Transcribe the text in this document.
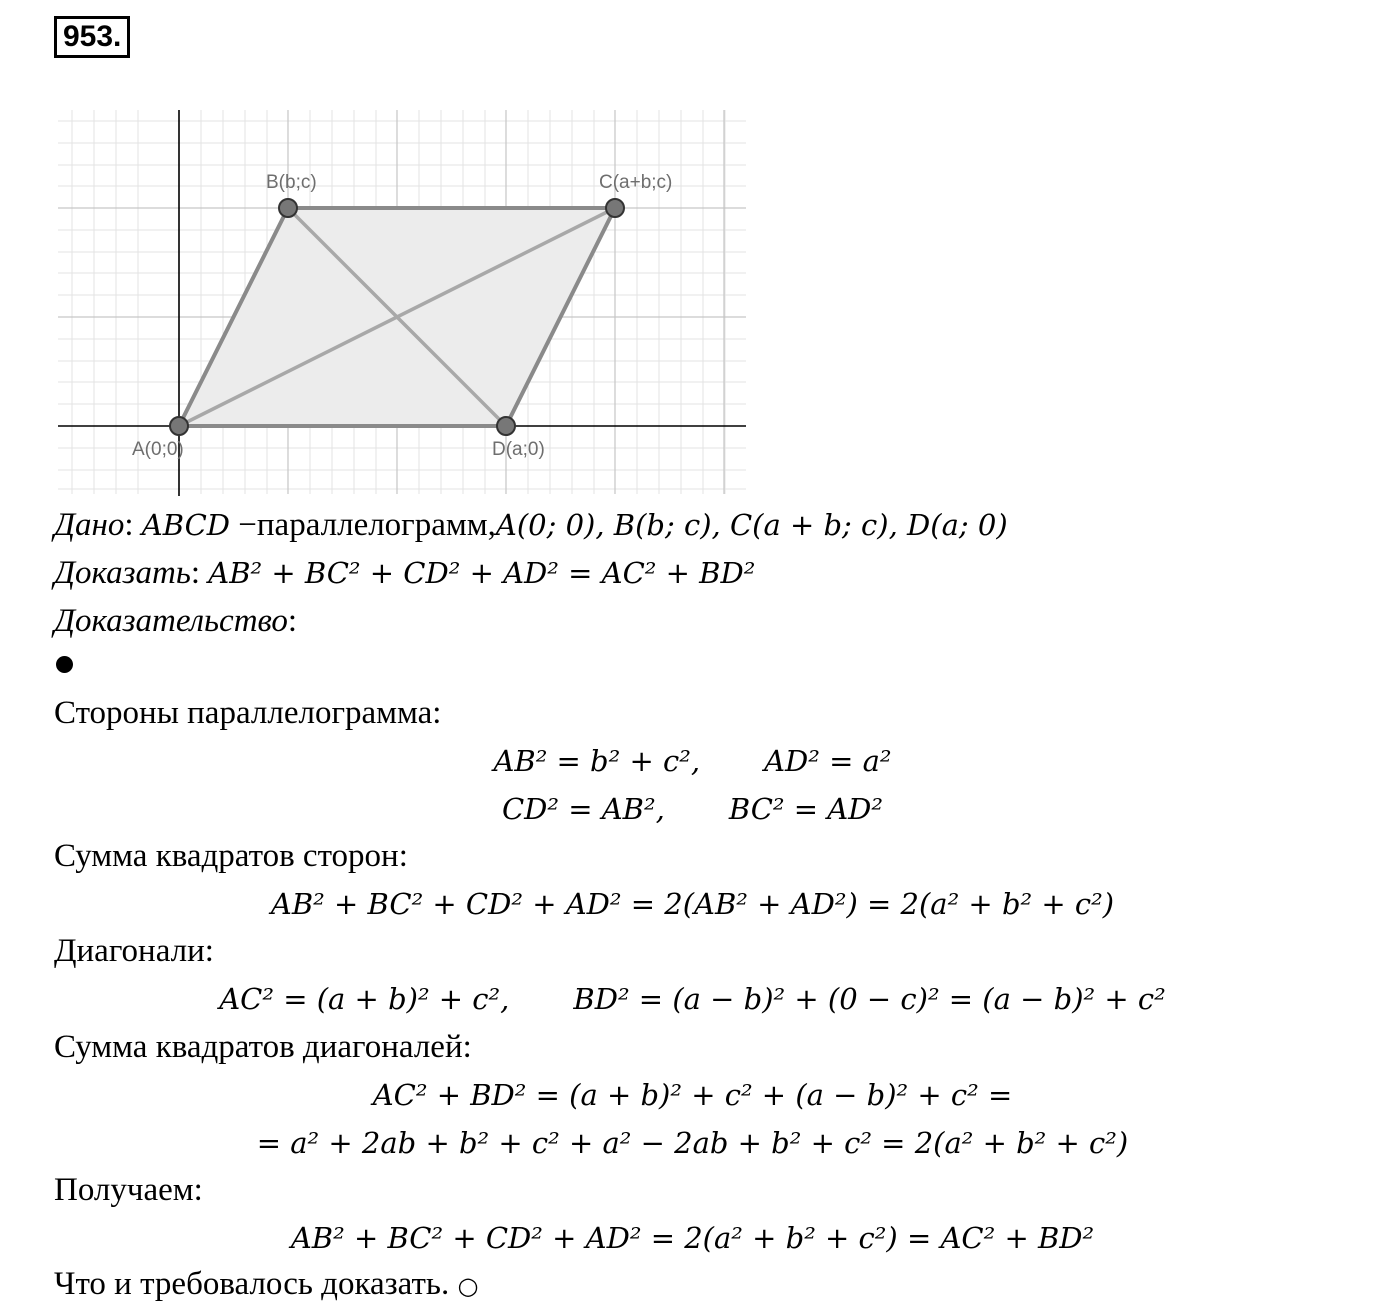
953.
A(0;0)
B(b;c)	C(a+b;c)
D(a;0)
Дано: ABCD −параллелограмм,A(0; 0), B(b; c), C(a + b; c), D(a; 0)
Доказать: AB² + BC² + CD² + AD² = AC² + BD²
Доказательство:
Стороны параллелограмма:
AB² = b² + c², AD² = a²
CD² = AB², BC² = AD²
Сумма квадратов сторон:
AB² + BC² + CD² + AD² = 2(AB² + AD²) = 2(a² + b² + c²)
Диагонали:
AC² = (a + b)² + c², BD² = (a − b)² + (0 − c)² = (a − b)² + c²
Сумма квадратов диагоналей:
AC² + BD² = (a + b)² + c² + (a − b)² + c² =
= a² + 2ab + b² + c² + a² − 2ab + b² + c² = 2(a² + b² + c²)
Получаем:
AB² + BC² + CD² + AD² = 2(a² + b² + c²) = AC² + BD²
Что и требовалось доказать. ○
